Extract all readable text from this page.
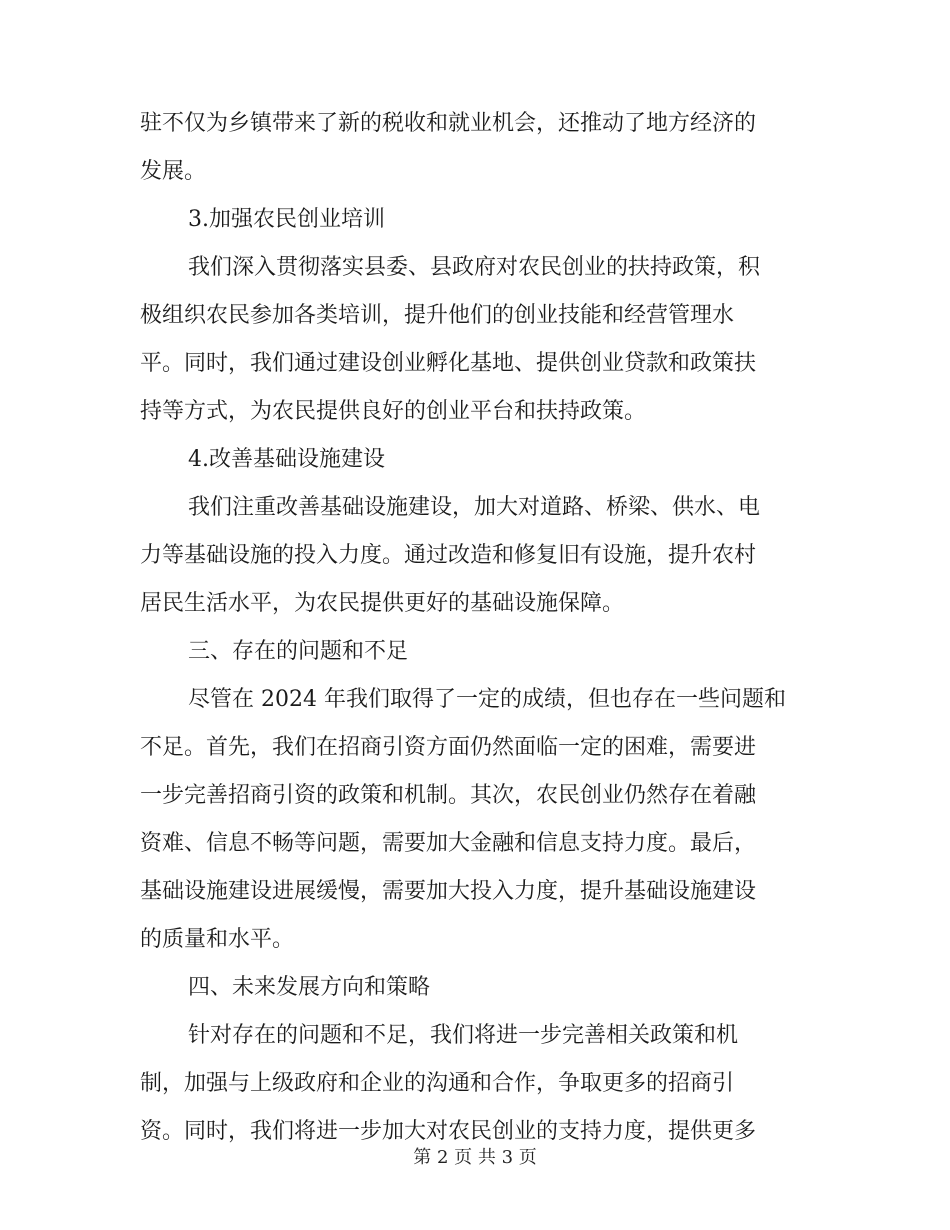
驻不仅为乡镇带来了新的税收和就业机会，还推动了地方经济的
发展。
3.加强农民创业培训
我们深入贯彻落实县委、县政府对农民创业的扶持政策，积
极组织农民参加各类培训，提升他们的创业技能和经营管理水
平。同时，我们通过建设创业孵化基地、提供创业贷款和政策扶
持等方式，为农民提供良好的创业平台和扶持政策。
4.改善基础设施建设
我们注重改善基础设施建设，加大对道路、桥梁、供水、电
力等基础设施的投入力度。通过改造和修复旧有设施，提升农村
居民生活水平，为农民提供更好的基础设施保障。
三、存在的问题和不足
尽管在 2024 年我们取得了一定的成绩，但也存在一些问题和
不足。首先，我们在招商引资方面仍然面临一定的困难，需要进
一步完善招商引资的政策和机制。其次，农民创业仍然存在着融
资难、信息不畅等问题，需要加大金融和信息支持力度。最后，
基础设施建设进展缓慢，需要加大投入力度，提升基础设施建设
的质量和水平。
四、未来发展方向和策略
针对存在的问题和不足，我们将进一步完善相关政策和机
制，加强与上级政府和企业的沟通和合作，争取更多的招商引
资。同时，我们将进一步加大对农民创业的支持力度，提供更多
第 2 页 共 3 页
